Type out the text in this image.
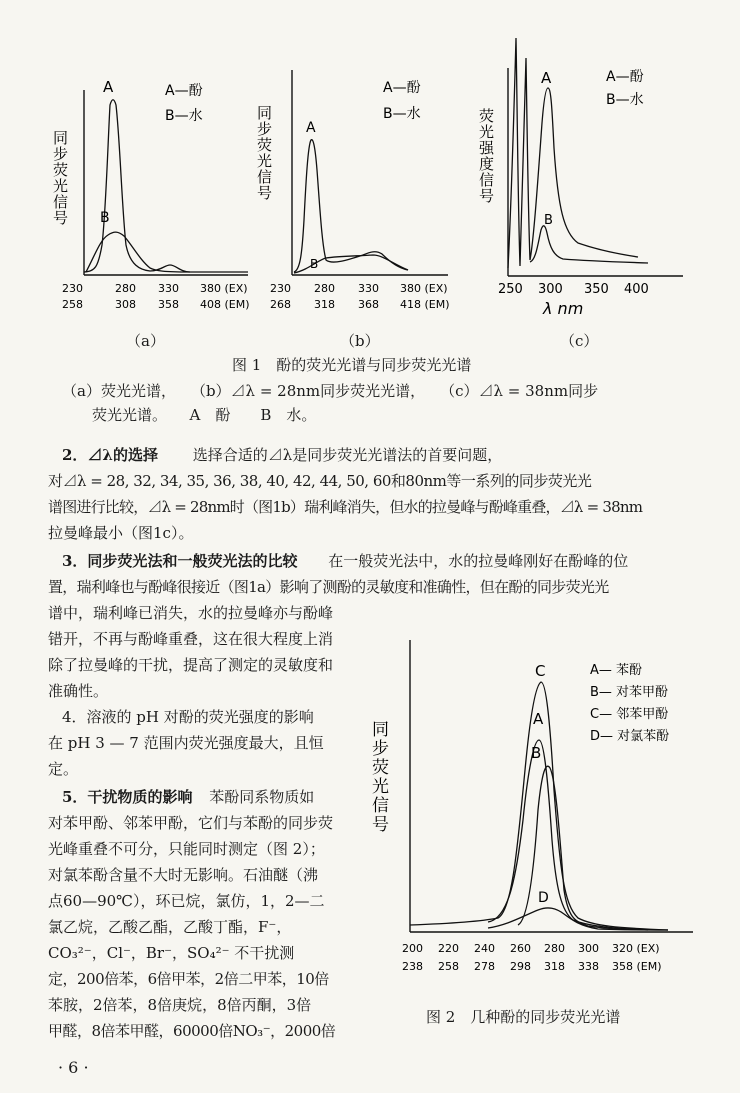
同步荧光信号
A
B
A—酚
B—水
230	280 330 380 (EX)
258	308 358 408 (EM)
（a）
同步荧光信号 A
B
A—酚
B—水
230 280 330 380 (EX)
268 318 368 418 (EM)
（b）
荧光强度信号
A
B
A—酚
B—水
250 300 350 400
λ nm
（c）
图 1　酚的荧光光谱与同步荧光光谱
（a）荧光光谱，　　（b）⊿λ = 28nm同步荧光光谱，　　（c）⊿λ = 38nm同步
荧光光谱。　　A　酚　　B　水。
2．⊿λ的选择 选择合适的⊿λ是同步荧光光谱法的首要问题，
对⊿λ = 28, 32, 34, 35, 36, 38, 40, 42, 44, 50, 60和80nm等一系列的同步荧光光
谱图进行比较，⊿λ = 28nm时（图1b）瑞利峰消失，但水的拉曼峰与酚峰重叠，⊿λ = 38nm
拉曼峰最小（图1c）。
3．同步荧光法和一般荧光法的比较 在一般荧光法中，水的拉曼峰刚好在酚峰的位
置，瑞利峰也与酚峰很接近（图1a）影响了测酚的灵敏度和准确性，但在酚的同步荧光光
谱中，瑞利峰已消失，水的拉曼峰亦与酚峰
错开，不再与酚峰重叠，这在很大程度上消
除了拉曼峰的干扰，提高了测定的灵敏度和
准确性。
4．溶液的 pH 对酚的荧光强度的影响
在 pH 3 — 7 范围内荧光强度最大，且恒
定。
5．干扰物质的影响 苯酚同系物质如
对苯甲酚、邻苯甲酚，它们与苯酚的同步荧
光峰重叠不可分，只能同时测定（图 2）；
对氯苯酚含量不大时无影响。石油醚（沸
点60—90℃），环已烷，氯仿，1，2—二
氯乙烷，乙酸乙酯，乙酸丁酯，F⁻，
CO₃²⁻，Cl⁻，Br⁻，SO₄²⁻ 不干扰测
定，200倍苯，6倍甲苯，2倍二甲苯，10倍
苯胺，2倍苯，8倍庚烷，8倍丙酮，3倍
甲醛，8倍苯甲醛，60000倍NO₃⁻，2000倍
同步荧光信号
C
A
B
D
A— 苯酚
B— 对苯甲酚
C— 邻苯甲酚
D— 对氯苯酚
200 220 240 260 280 300 320 (EX)
238 258 278 298 318 338 358 (EM)
图 2　几种酚的同步荧光光谱
· 6 ·
